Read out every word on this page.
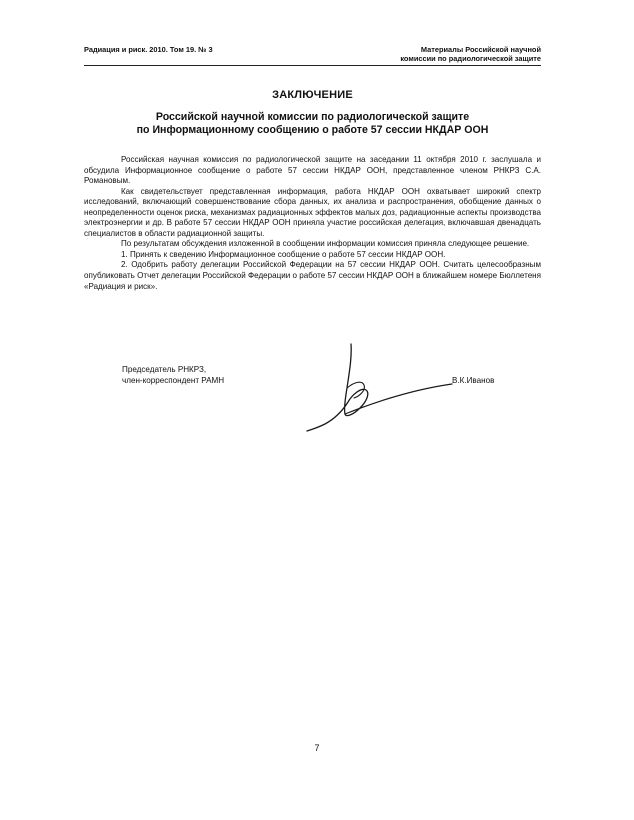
Радиация и риск. 2010. Том 19. № 3	Материалы Российской научной
комиссии по радиологической защите
ЗАКЛЮЧЕНИЕ
Российской научной комиссии по радиологической защите
по Информационному сообщению о работе 57 сессии НКДАР ООН

Российская научная комиссия по радиологической защите на заседании 11 октября 2010 г. заслушала и обсудила Информационное сообщение о работе 57 сессии НКДАР ООН, представленное членом РНКРЗ С.А. Романовым.

Как свидетельствует представленная информация, работа НКДАР ООН охватывает широкий спектр исследований, включающий совершенствование сбора данных, их анализа и распространения, обобщение данных о неопределенности оценок риска, механизмах радиационных эффектов малых доз, радиационные аспекты производства электроэнергии и др. В работе 57 сессии НКДАР ООН приняла участие российская делегация, включавшая двенадцать специалистов в области радиационной защиты.

По результатам обсуждения изложенной в сообщении информации комиссия приняла следующее решение.

1. Принять к сведению Информационное сообщение о работе 57 сессии НКДАР ООН.

2. Одобрить работу делегации Российской Федерации на 57 сессии НКДАР ООН. Считать целесообразным опубликовать Отчет делегации Российской Федерации о работе 57 сессии НКДАР ООН в ближайшем номере Бюллетеня «Радиация и риск».

Председатель РНКРЗ,
член-корреспондент РАМН	В.К.Иванов
7
